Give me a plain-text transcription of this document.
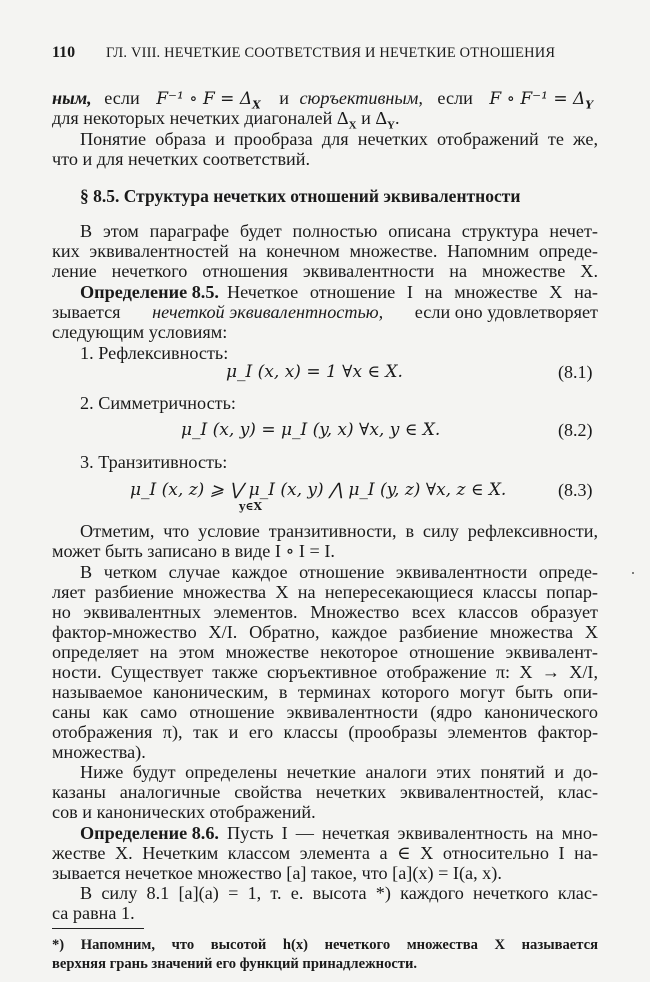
110 ГЛ. VIII. НЕЧЕТКИЕ СООТВЕТСТВИЯ И НЕЧЕТКИЕ ОТНОШЕНИЯ
ным, если F⁻¹ ∘ $F = \Delta_X$ и сюръективным, если F ∘ $F^{-1} = \Delta_Y$
для некоторых нечетких диагоналей $\Delta_X$ и $\Delta_Y$.
Понятие образа и прообраза для нечетких отображений те же,
что и для нечетких соответствий.
§ 8.5. Структура нечетких отношений эквивалентности
В этом параграфе будет полностью описана структура нечет-
ких эквивалентностей на конечном множестве. Напомним опреде-
ление нечеткого отношения эквивалентности на множестве X.
Определение 8.5. Нечеткое отношение I на множестве X на-
зывается нечеткой эквивалентностью, если оно удовлетворяет
следующим условиям:
1. Рефлексивность:
μ_I (x, x) = 1 ∀x ∈ X.	(8.1)
2. Симметричность:
μ_I (x, y) = μ_I (y, x) ∀x, y ∈ X.	(8.2)
3. Транзитивность:
μ_I (x, z) ⩾ ⋁ μ_I (x, y) ⋀ μ_I (y, z) ∀x, z ∈ X.
y∈X
(8.3)
Отметим, что условие транзитивности, в силу рефлексивности,
может быть записано в виде I ∘ I = I.
В четком случае каждое отношение эквивалентности опреде-
ляет разбиение множества X на непересекающиеся классы попар-
но эквивалентных элементов. Множество всех классов образует
фактор-множество X/I. Обратно, каждое разбиение множества X
определяет на этом множестве некоторое отношение эквивалент-
ности. Существует также сюръективное отображение π: X → X/I,
называемое каноническим, в терминах которого могут быть опи-
саны как само отношение эквивалентности (ядро канонического
отображения π), так и его классы (прообразы элементов фактор-
множества).
Ниже будут определены нечеткие аналоги этих понятий и до-
казаны аналогичные свойства нечетких эквивалентностей, клас-
сов и канонических отображений.
Определение 8.6. Пусть I — нечеткая эквивалентность на мно-
жестве X. Нечетким классом элемента a ∈ X относительно I на-
зывается нечеткое множество [a] такое, что [a](x) = I(a, x).
В силу 8.1 [a](a) = 1, т. е. высота *) каждого нечеткого клас-
са равна 1.
*) Напомним, что высотой h(x) нечеткого множества X называется
верхняя грань значений его функций принадлежности.
